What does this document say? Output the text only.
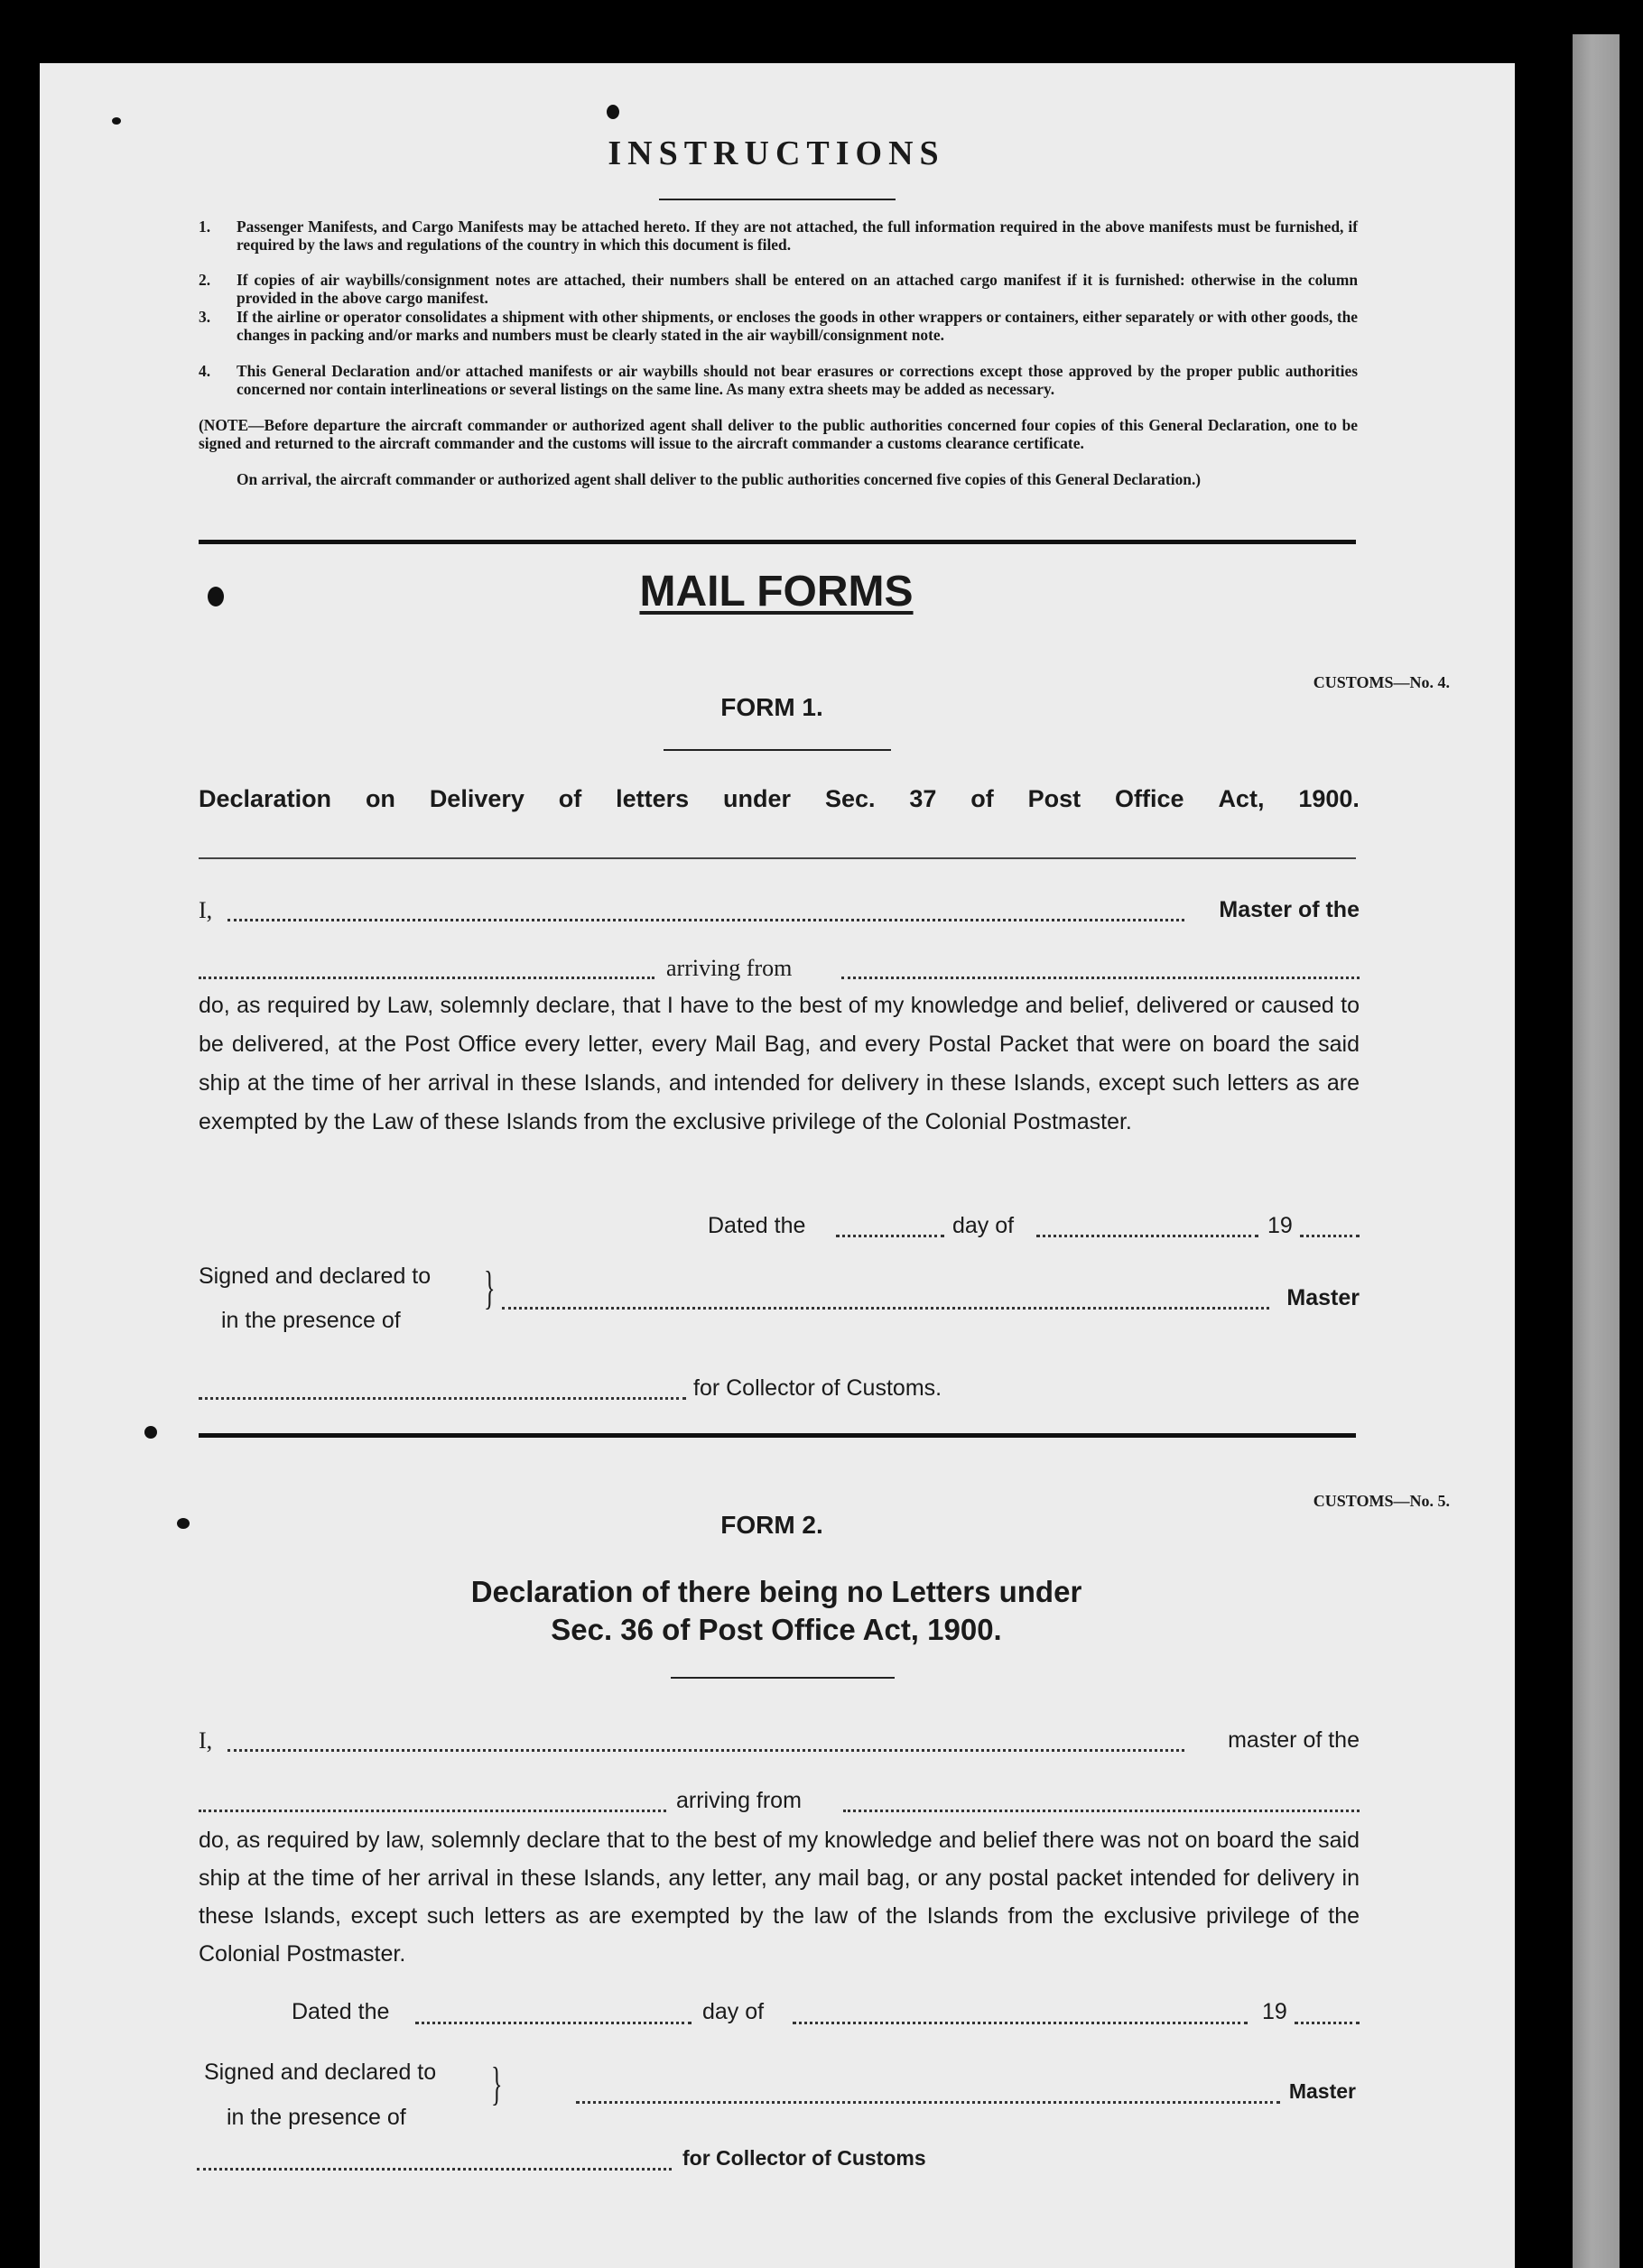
INSTRUCTIONS
1. Passenger Manifests, and Cargo Manifests may be attached hereto. If they are not attached, the full information required in the above manifests must be furnished, if required by the laws and regulations of the country in which this document is filed.
2. If copies of air waybills/consignment notes are attached, their numbers shall be entered on an attached cargo manifest if it is furnished: otherwise in the column provided in the above cargo manifest.
3. If the airline or operator consolidates a shipment with other shipments, or encloses the goods in other wrappers or containers, either separately or with other goods, the changes in packing and/or marks and numbers must be clearly stated in the air waybill/consignment note.
4. This General Declaration and/or attached manifests or air waybills should not bear erasures or corrections except those approved by the proper public authorities concerned nor contain interlineations or several listings on the same line. As many extra sheets may be added as necessary.
(NOTE—Before departure the aircraft commander or authorized agent shall deliver to the public authorities concerned four copies of this General Declaration, one to be signed and returned to the aircraft commander and the customs will issue to the aircraft commander a customs clearance certificate.
On arrival, the aircraft commander or authorized agent shall deliver to the public authorities concerned five copies of this General Declaration.)
MAIL FORMS
CUSTOMS—No. 4.
FORM 1.
Declaration on Delivery of letters under Sec. 37 of Post Office Act, 1900.
I,	Master of the
arriving from
do, as required by Law, solemnly declare, that I have to the best of my knowledge and belief, delivered or caused to be delivered, at the Post Office every letter, every Mail Bag, and every Postal Packet that were on board the said ship at the time of her arrival in these Islands, and intended for delivery in these Islands, except such letters as are exempted by the Law of these Islands from the exclusive privilege of the Colonial Postmaster.
Dated the	day of	19
Signed and declared to
in the presence of
}	Master
for Collector of Customs.
CUSTOMS—No. 5.
FORM 2.
Declaration of there being no Letters under
Sec. 36 of Post Office Act, 1900.
I,	master of the
arriving from
do, as required by law, solemnly declare that to the best of my knowledge and belief there was not on board the said ship at the time of her arrival in these Islands, any letter, any mail bag, or any postal packet intended for delivery in these Islands, except such letters as are exempted by the law of the Islands from the exclusive privilege of the Colonial Postmaster.
Dated the	day of	19
Signed and declared to
in the presence of
}	Master
for Collector of Customs
